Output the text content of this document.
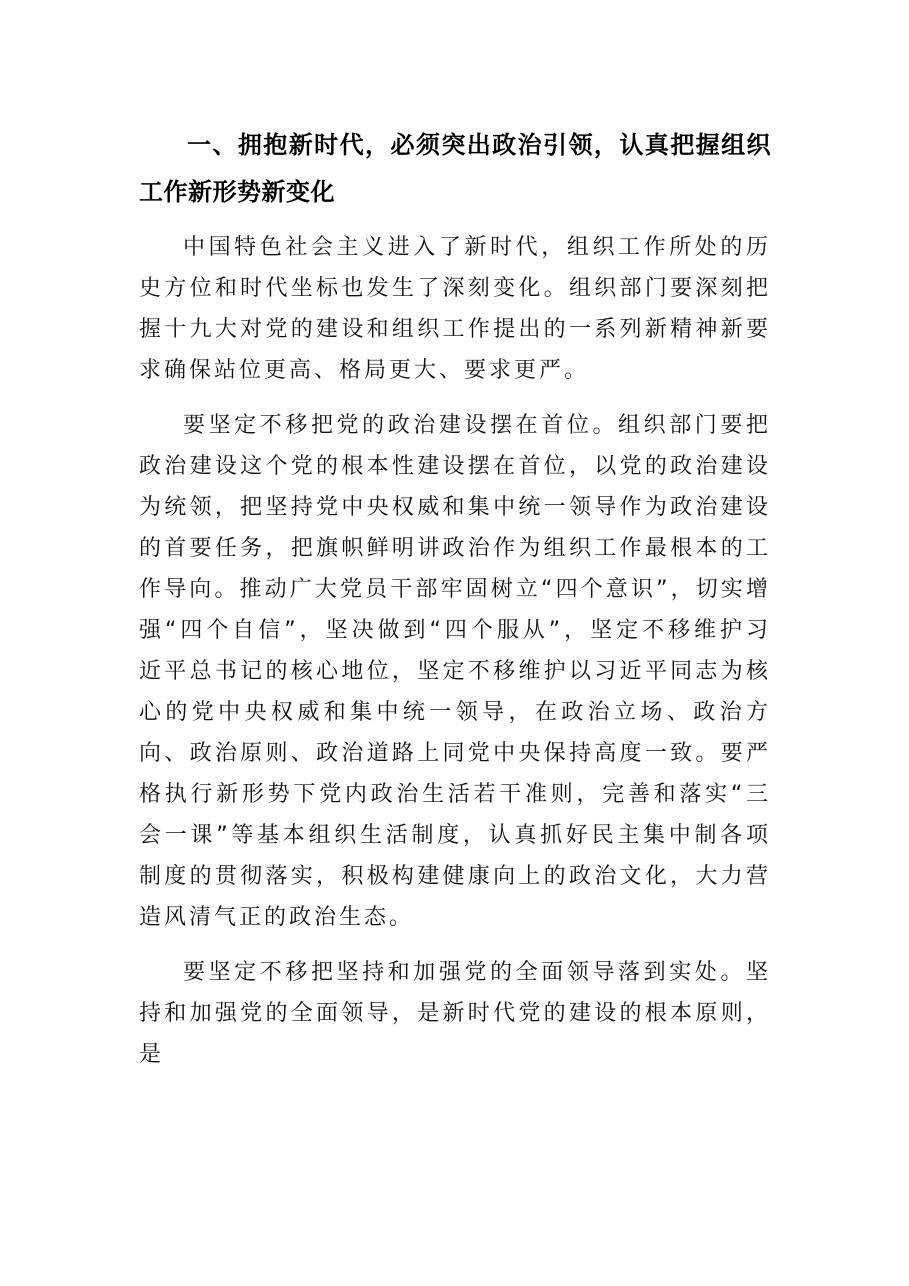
一、拥抱新时代，必须突出政治引领，认真把握组织工作新形势新变化

中国特色社会主义进入了新时代，组织工作所处的历史方位和时代坐标也发生了深刻变化。组织部门要深刻把握十九大对党的建设和组织工作提出的一系列新精神新要求确保站位更高、格局更大、要求更严。

要坚定不移把党的政治建设摆在首位。组织部门要把政治建设这个党的根本性建设摆在首位，以党的政治建设为统领，把坚持党中央权威和集中统一领导作为政治建设的首要任务，把旗帜鲜明讲政治作为组织工作最根本的工作导向。推动广大党员干部牢固树立“四个意识”，切实增强“四个自信”，坚决做到“四个服从”，坚定不移维护习近平总书记的核心地位，坚定不移维护以习近平同志为核心的党中央权威和集中统一领导，在政治立场、政治方向、政治原则、政治道路上同党中央保持高度一致。要严格执行新形势下党内政治生活若干准则，完善和落实“三会一课”等基本组织生活制度，认真抓好民主集中制各项制度的贯彻落实，积极构建健康向上的政治文化，大力营造风清气正的政治生态。

要坚定不移把坚持和加强党的全面领导落到实处。坚持和加强党的全面领导，是新时代党的建设的根本原则，是
